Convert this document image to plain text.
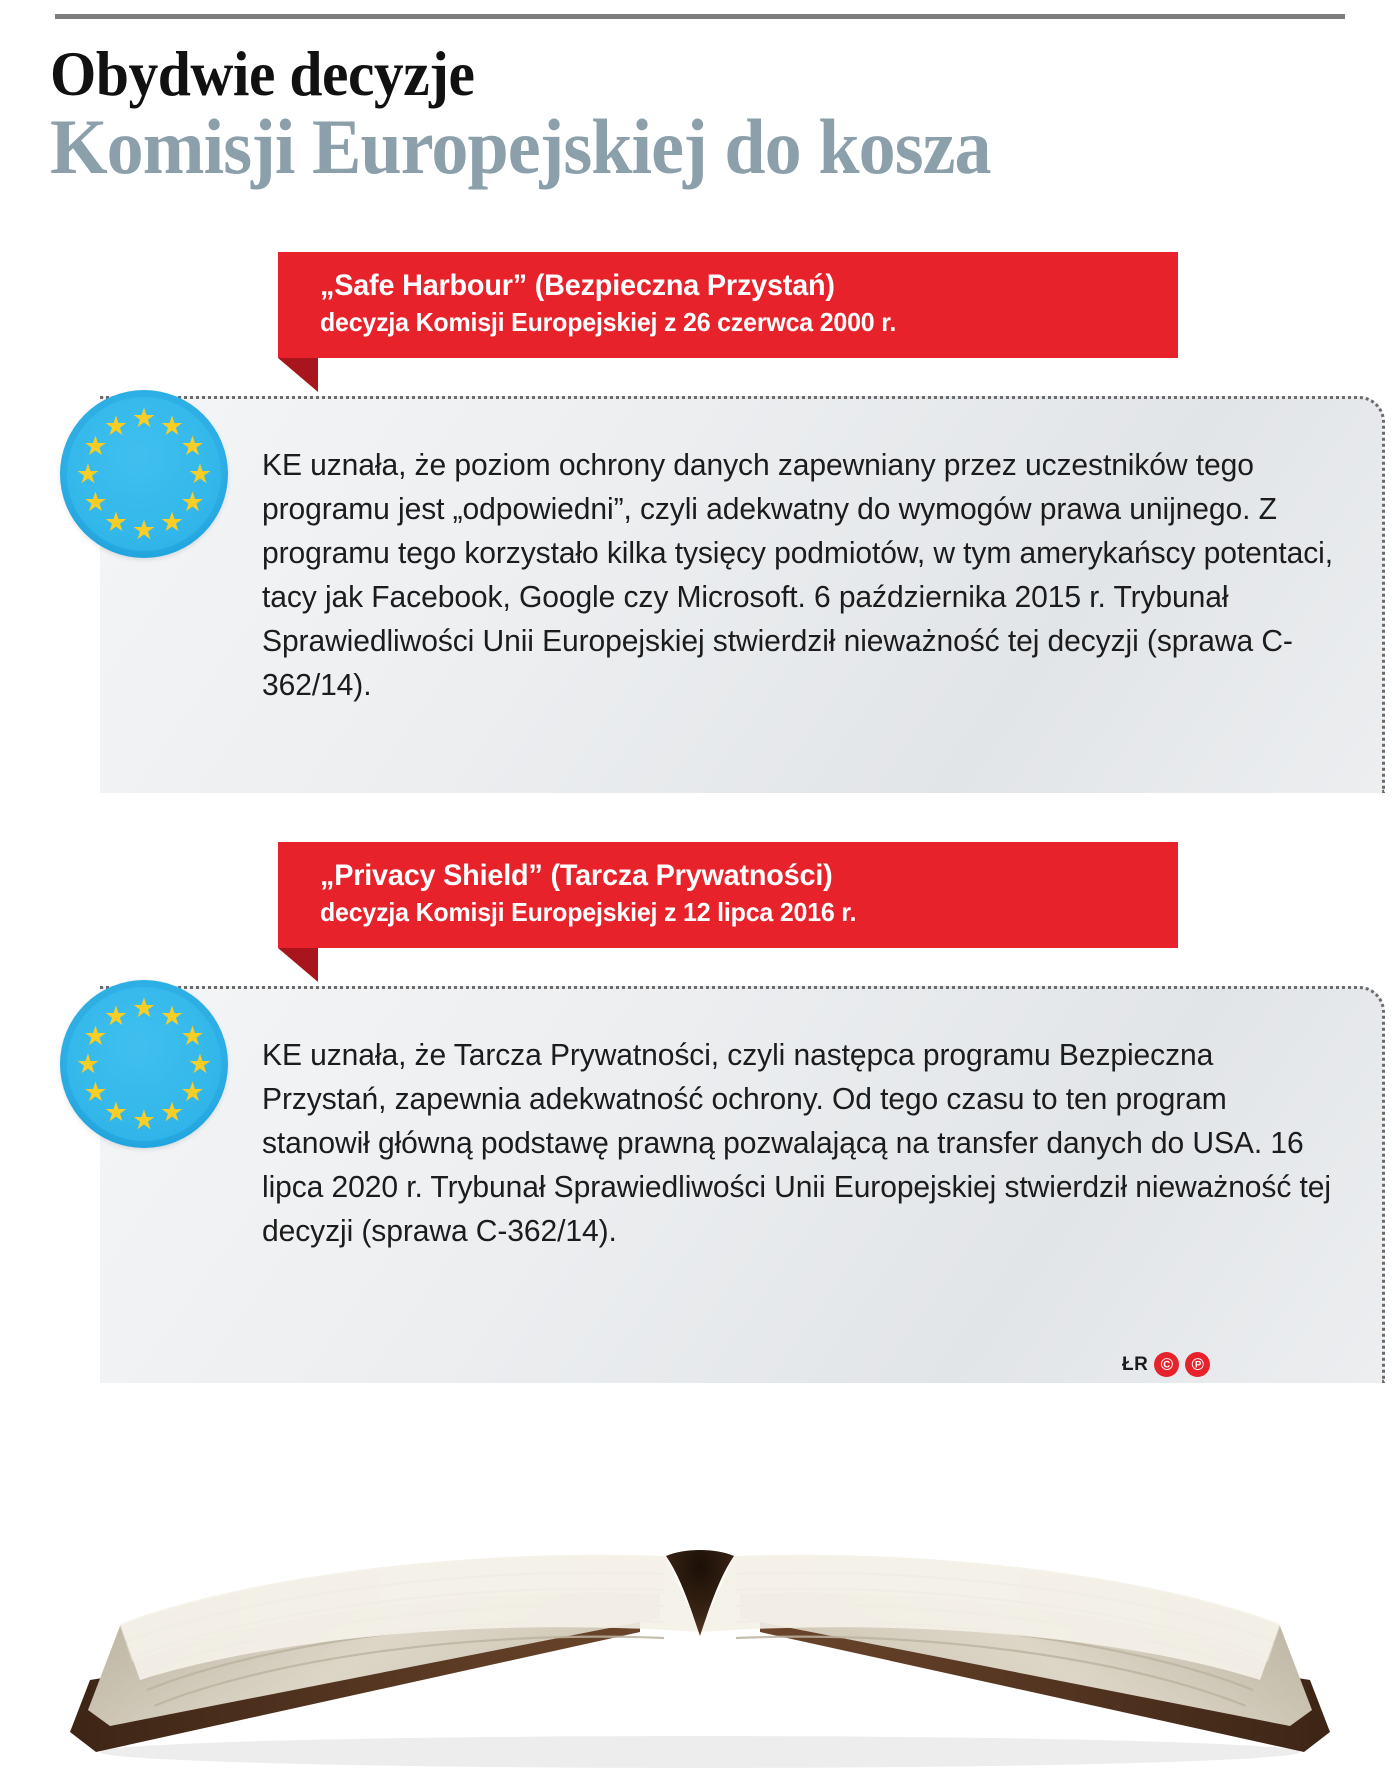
Obydwie decyzje
Komisji Europejskiej do kosza
„Safe Harbour” (Bezpieczna Przystań)
decyzja Komisji Europejskiej z 26 czerwca 2000 r.
KE uznała, że poziom ochrony danych zapewniany przez uczestników tego programu jest „odpowiedni”, czyli adekwatny do wymogów prawa unijnego. Z programu tego korzystało kilka tysięcy podmiotów, w tym amerykańscy potentaci, tacy jak Facebook, Google czy Microsoft. 6 października 2015 r. Trybunał Sprawiedliwości Unii Europejskiej stwierdził nieważność tej decyzji (sprawa C-362/14).
★ ★
★
★
★
★
★
★
★
★
★
★
„Privacy Shield” (Tarcza Prywatności)
decyzja Komisji Europejskiej z 12 lipca 2016 r.
KE uznała, że Tarcza Prywatności, czyli następca programu Bezpieczna Przystań, zapewnia adekwatność ochrony. Od tego czasu to ten program stanowił główną podstawę prawną pozwalającą na transfer danych do USA. 16 lipca 2020 r. Trybunał Sprawiedliwości Unii Europejskiej stwierdził nieważność tej decyzji (sprawa C-362/14).
★ ★
★
★
★
★
★
★
★
★
★
★
ŁR ©	℗
